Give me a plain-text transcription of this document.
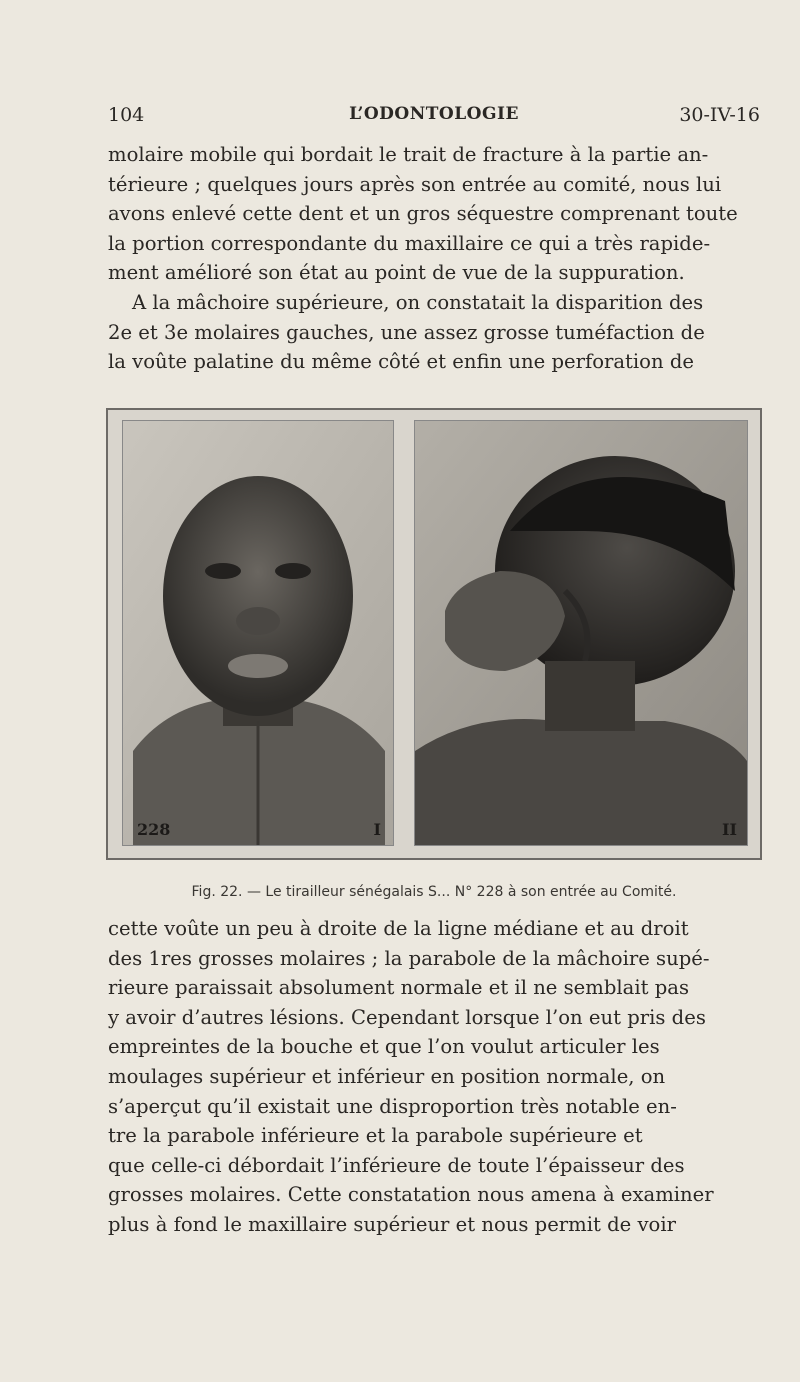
104	L’ODONTOLOGIE	30-IV-16
molaire mobile qui bordait le trait de fracture à la partie an-
térieure ; quelques jours après son entrée au comité, nous lui
avons enlevé cette dent et un gros séquestre comprenant toute
la portion correspondante du maxillaire ce qui a très rapide-
ment amélioré son état au point de vue de la suppuration.
A la mâchoire supérieure, on constatait la disparition des
2e et 3e molaires gauches, une assez grosse tuméfaction de
la voûte palatine du même côté et enfin une perforation de
228	I	II
Fig. 22. — Le tirailleur sénégalais S... N° 228 à son entrée au Comité.
cette voûte un peu à droite de la ligne médiane et au droit
des 1res grosses molaires ; la parabole de la mâchoire supé-
rieure paraissait absolument normale et il ne semblait pas
y avoir d’autres lésions. Cependant lorsque l’on eut pris des
empreintes de la bouche et que l’on voulut articuler les
moulages supérieur et inférieur en position normale, on
s’aperçut qu’il existait une disproportion très notable en-
tre la parabole inférieure et la parabole supérieure et
que celle-ci débordait l’inférieure de toute l’épaisseur des
grosses molaires. Cette constatation nous amena à examiner
plus à fond le maxillaire supérieur et nous permit de voir
